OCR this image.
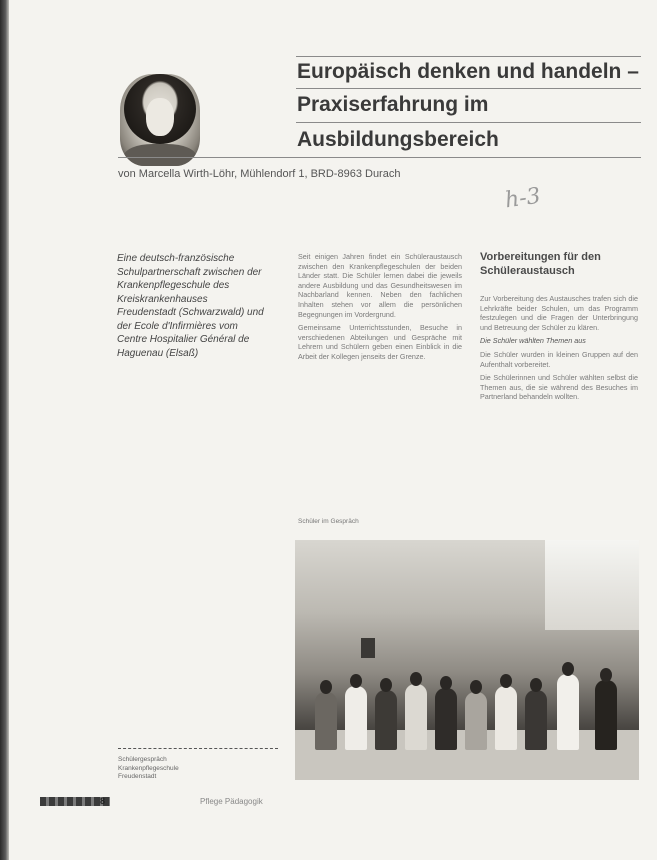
Europäisch denken und handeln –
Praxiserfahrung im
Ausbildungsbereich
von Marcella Wirth-Löhr, Mühlendorf 1, BRD-8963 Durach
h-3
Eine deutsch-französische Schulpartnerschaft zwischen der Krankenpflegeschule des Kreiskrankenhauses Freudenstadt (Schwarzwald) und der Ecole d'Infirmières vom Centre Hospitalier Général de Haguenau (Elsaß)

Seit einigen Jahren findet ein Schüleraustausch zwischen den Krankenpflegeschulen der beiden Länder statt. Die Schüler lernen dabei die jeweils andere Ausbildung und das Gesundheitswesen im Nachbarland kennen. Neben den fachlichen Inhalten stehen vor allem die persönlichen Begegnungen im Vordergrund.

Gemeinsame Unterrichtsstunden, Besuche in verschiedenen Abteilungen und Gespräche mit Lehrern und Schülern geben einen Einblick in die Arbeit der Kollegen jenseits der Grenze.

Vorbereitungen für den Schüleraustausch

Zur Vorbereitung des Austausches trafen sich die Lehrkräfte beider Schulen, um das Programm festzulegen und die Fragen der Unterbringung und Betreuung der Schüler zu klären.

Die Schüler wählten Themen aus

Die Schüler wurden in kleinen Gruppen auf den Aufenthalt vorbereitet.

Die Schülerinnen und Schüler wählten selbst die Themen aus, die sie während des Besuches im Partnerland behandeln wollten.

Schüler im Gespräch
Schülergespräch
Krankenpflegeschule
Freudenstadt
8	Pflege Pädagogik
